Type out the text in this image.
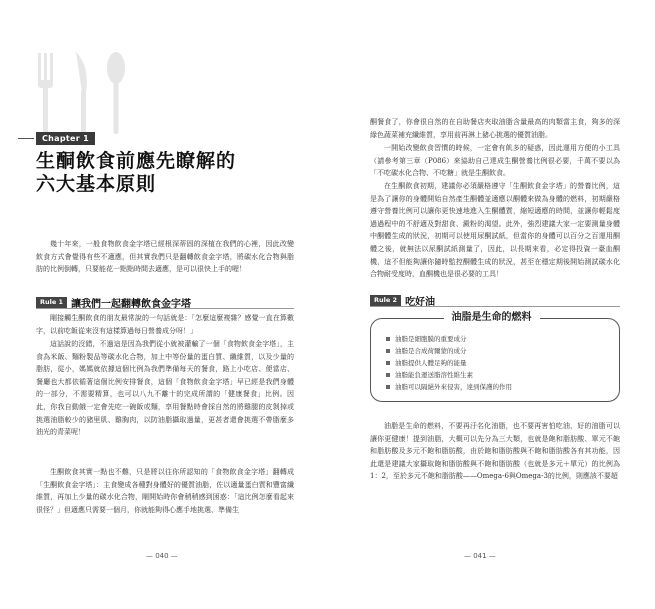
Chapter 1
生酮飲食前應先瞭解的
六大基本原則

幾十年來，一般食物飲食金字塔已經根深蒂固的深植在我們的心裡，因此改變飲食方式會覺得有些不適應，但其實我們只是翻轉飲食金字塔，將碳水化合物與脂肪的比例倒轉，只要能花一點點時間去適應，是可以很快上手的喔！

Rule 1 讓我們一起翻轉飲食金字塔

剛接觸生酮飲食的朋友最常說的一句話就是：「怎麼這麼複雜？感覺一直在算數字，以前吃飯從來沒有這樣算過每日營養成分呀！」

這話說的沒錯，不過這是因為我們從小就被灌輸了一個「食物飲食金字塔」，主食為米飯、麵粉製品等碳水化合物，加上中等份量的蛋白質、纖維質，以及少量的脂肪，從小，媽媽就依據這個比例為我們準備每天的餐食，路上小吃店、便當店、餐廳也大都依循著這個比例安排餐食，這個「食物飲食金字塔」早已經是我們身體的一部分，不需要精算，也可以八九不離十的完成所謂的「健康餐食」比例。因此，你我自動餓一定會先吃一碗飯或麵，享用餐點時會採自然的將雞腿的皮剝掉或挑選油脂較少的豬里肌、雞胸肉，以防油脂攝取過量，更甚者還會挑選不帶脂麼多油光的青菜呢！

生酮飲食其實一點也不難，只是將以往你所認知的「食物飲食金字塔」翻轉成「生酮飲食金字塔」：主食變成各種對身體好的優質油脂，佐以適量蛋白質和豐富纖維質，再加上少量的碳水化合物，剛開始時你會稍稍感到困惑：「這比例怎麼看起來很怪？」但適應只需要一個月，你就能夠得心應手地挑選、準備生

— 040 —

酮餐食了，你會很自然的在自助餐店夾取油脂含量最高的肉類當主食，夠多的深綠色蔬菜補充纖維質，享用前再淋上豬心挑選的優質油脂。

一開始改變飲食習慣的時候，一定會有飢多的疑惑，因此運用方便的小工具（請參考第三章（P086）來協助自己達成生酮營養比例很必要，千萬不要以為「不吃碳水化合物、不吃糖」就是生酮飲食。

在生酮飲食初期，建議你必須嚴格遵守「生酮飲食金字塔」的營養比例，這是為了讓你的身體開始自然產生酮體並適應以酮體來做為身體的燃料，初期嚴格遵守營養比例可以讓你更快速地進入生酮體質，縮短適應的時間，並讓你輕鬆度過過程中的不舒適及對甜食、澱粉的渴望。此外，強烈建議大家一定要測量身體中酮體生成的狀況，初期可以使用尿酮試紙，但當你的身體可以百分之百運用酮體之後，就無法以尿酮試紙測量了，因此，以長期來看，必定得投資一臺血酮機，這不但能夠讓你隨時監控酮體生成的狀況，甚至在穩定期後開始測試碳水化合物耐受度時，血酮機也是很必要的工具！

Rule 2 吃好油
油脂是生命的燃料
油脂是細胞膜的重要成分
油脂是合成荷爾蒙的成分
油脂提供人體足夠的能量
油脂能負運送脂溶性維生素
油脂可以隔絕外來侵害，達到保護的作用

油脂是生命的燃料，不要再汙名化油脂，也不要再害怕吃油，好的油脂可以讓你更健康！提到油脂，大概可以先分為三大類，也就是飽和脂肪酸、單元不飽和脂肪酸及多元不飽和脂肪酸，由於飽和脂肪酸與不飽和脂肪酸各有其功能，因此還是建議大家攝取飽和脂肪酸與不飽和脂肪酸（也就是多元＋單元）的比例為1：2，至於多元不飽和脂肪酸——Omega-6與Omega-3的比例，則應該不要超

— 041 —
